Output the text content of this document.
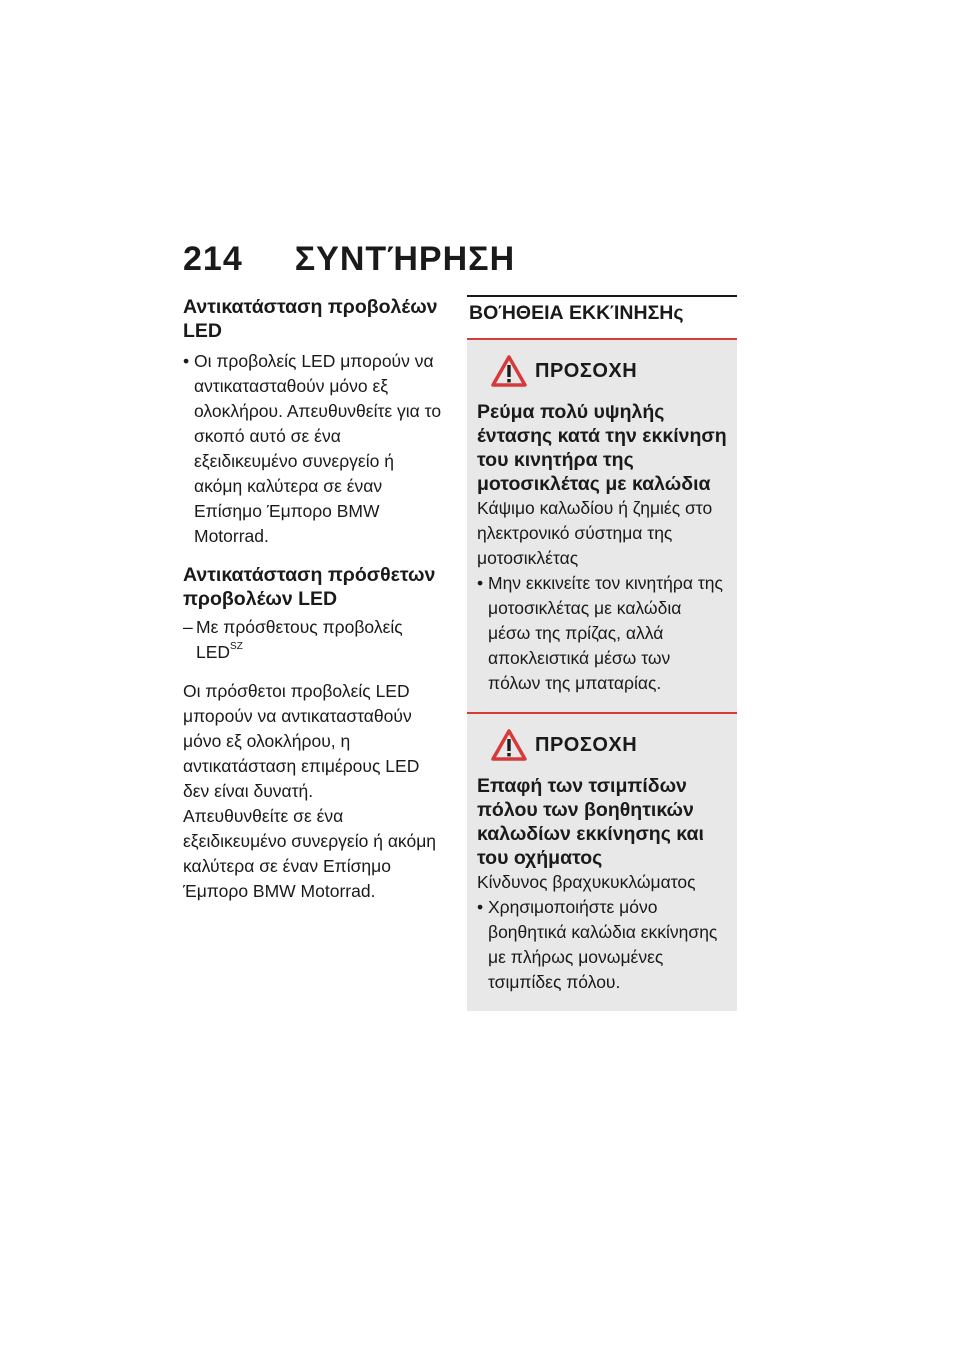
214 ΣΥΝΤΉΡΗΣΗ

Αντικατάσταση προβολέων LED

• Οι προβολείς LED μπορούν να αντικατασταθούν μόνο εξ ολοκλήρου. Απευθυνθείτε για το σκοπό αυτό σε ένα εξειδικευμένο συνεργείο ή ακόμη καλύτερα σε έναν Επίσημο Έμπορο BMW Motorrad.

Αντικατάσταση πρόσθετων προβολέων LED

– Με πρόσθετους προβολείς $LED^{SZ}$

Οι πρόσθετοι προβολείς LED μπορούν να αντικατασταθούν μόνο εξ ολοκλήρου, η αντικατάσταση επιμέρους LED δεν είναι δυνατή.

Απευθυνθείτε σε ένα εξειδικευμένο συνεργείο ή ακόμη καλύτερα σε έναν Επίσημο Έμπορο BMW Motorrad.

ΒΟΉΘΕΙΑ ΕΚΚΊΝΗΣΗς
ΠΡΟΣΟΧΗ

Ρεύμα πολύ υψηλής έντασης κατά την εκκίνηση του κινητήρα της μοτοσικλέτας με καλώδια

Κάψιμο καλωδίου ή ζημιές στο ηλεκτρονικό σύστημα της μοτοσικλέτας

• Μην εκκινείτε τον κινητήρα της μοτοσικλέτας με καλώδια μέσω της πρίζας, αλλά αποκλειστικά μέσω των πόλων της μπαταρίας.
ΠΡΟΣΟΧΗ

Επαφή των τσιμπίδων πόλου των βοηθητικών καλωδίων εκκίνησης και του οχήματος

Κίνδυνος βραχυκυκλώματος

• Χρησιμοποιήστε μόνο βοηθητικά καλώδια εκκίνησης με πλήρως μονωμένες τσιμπίδες πόλου.
